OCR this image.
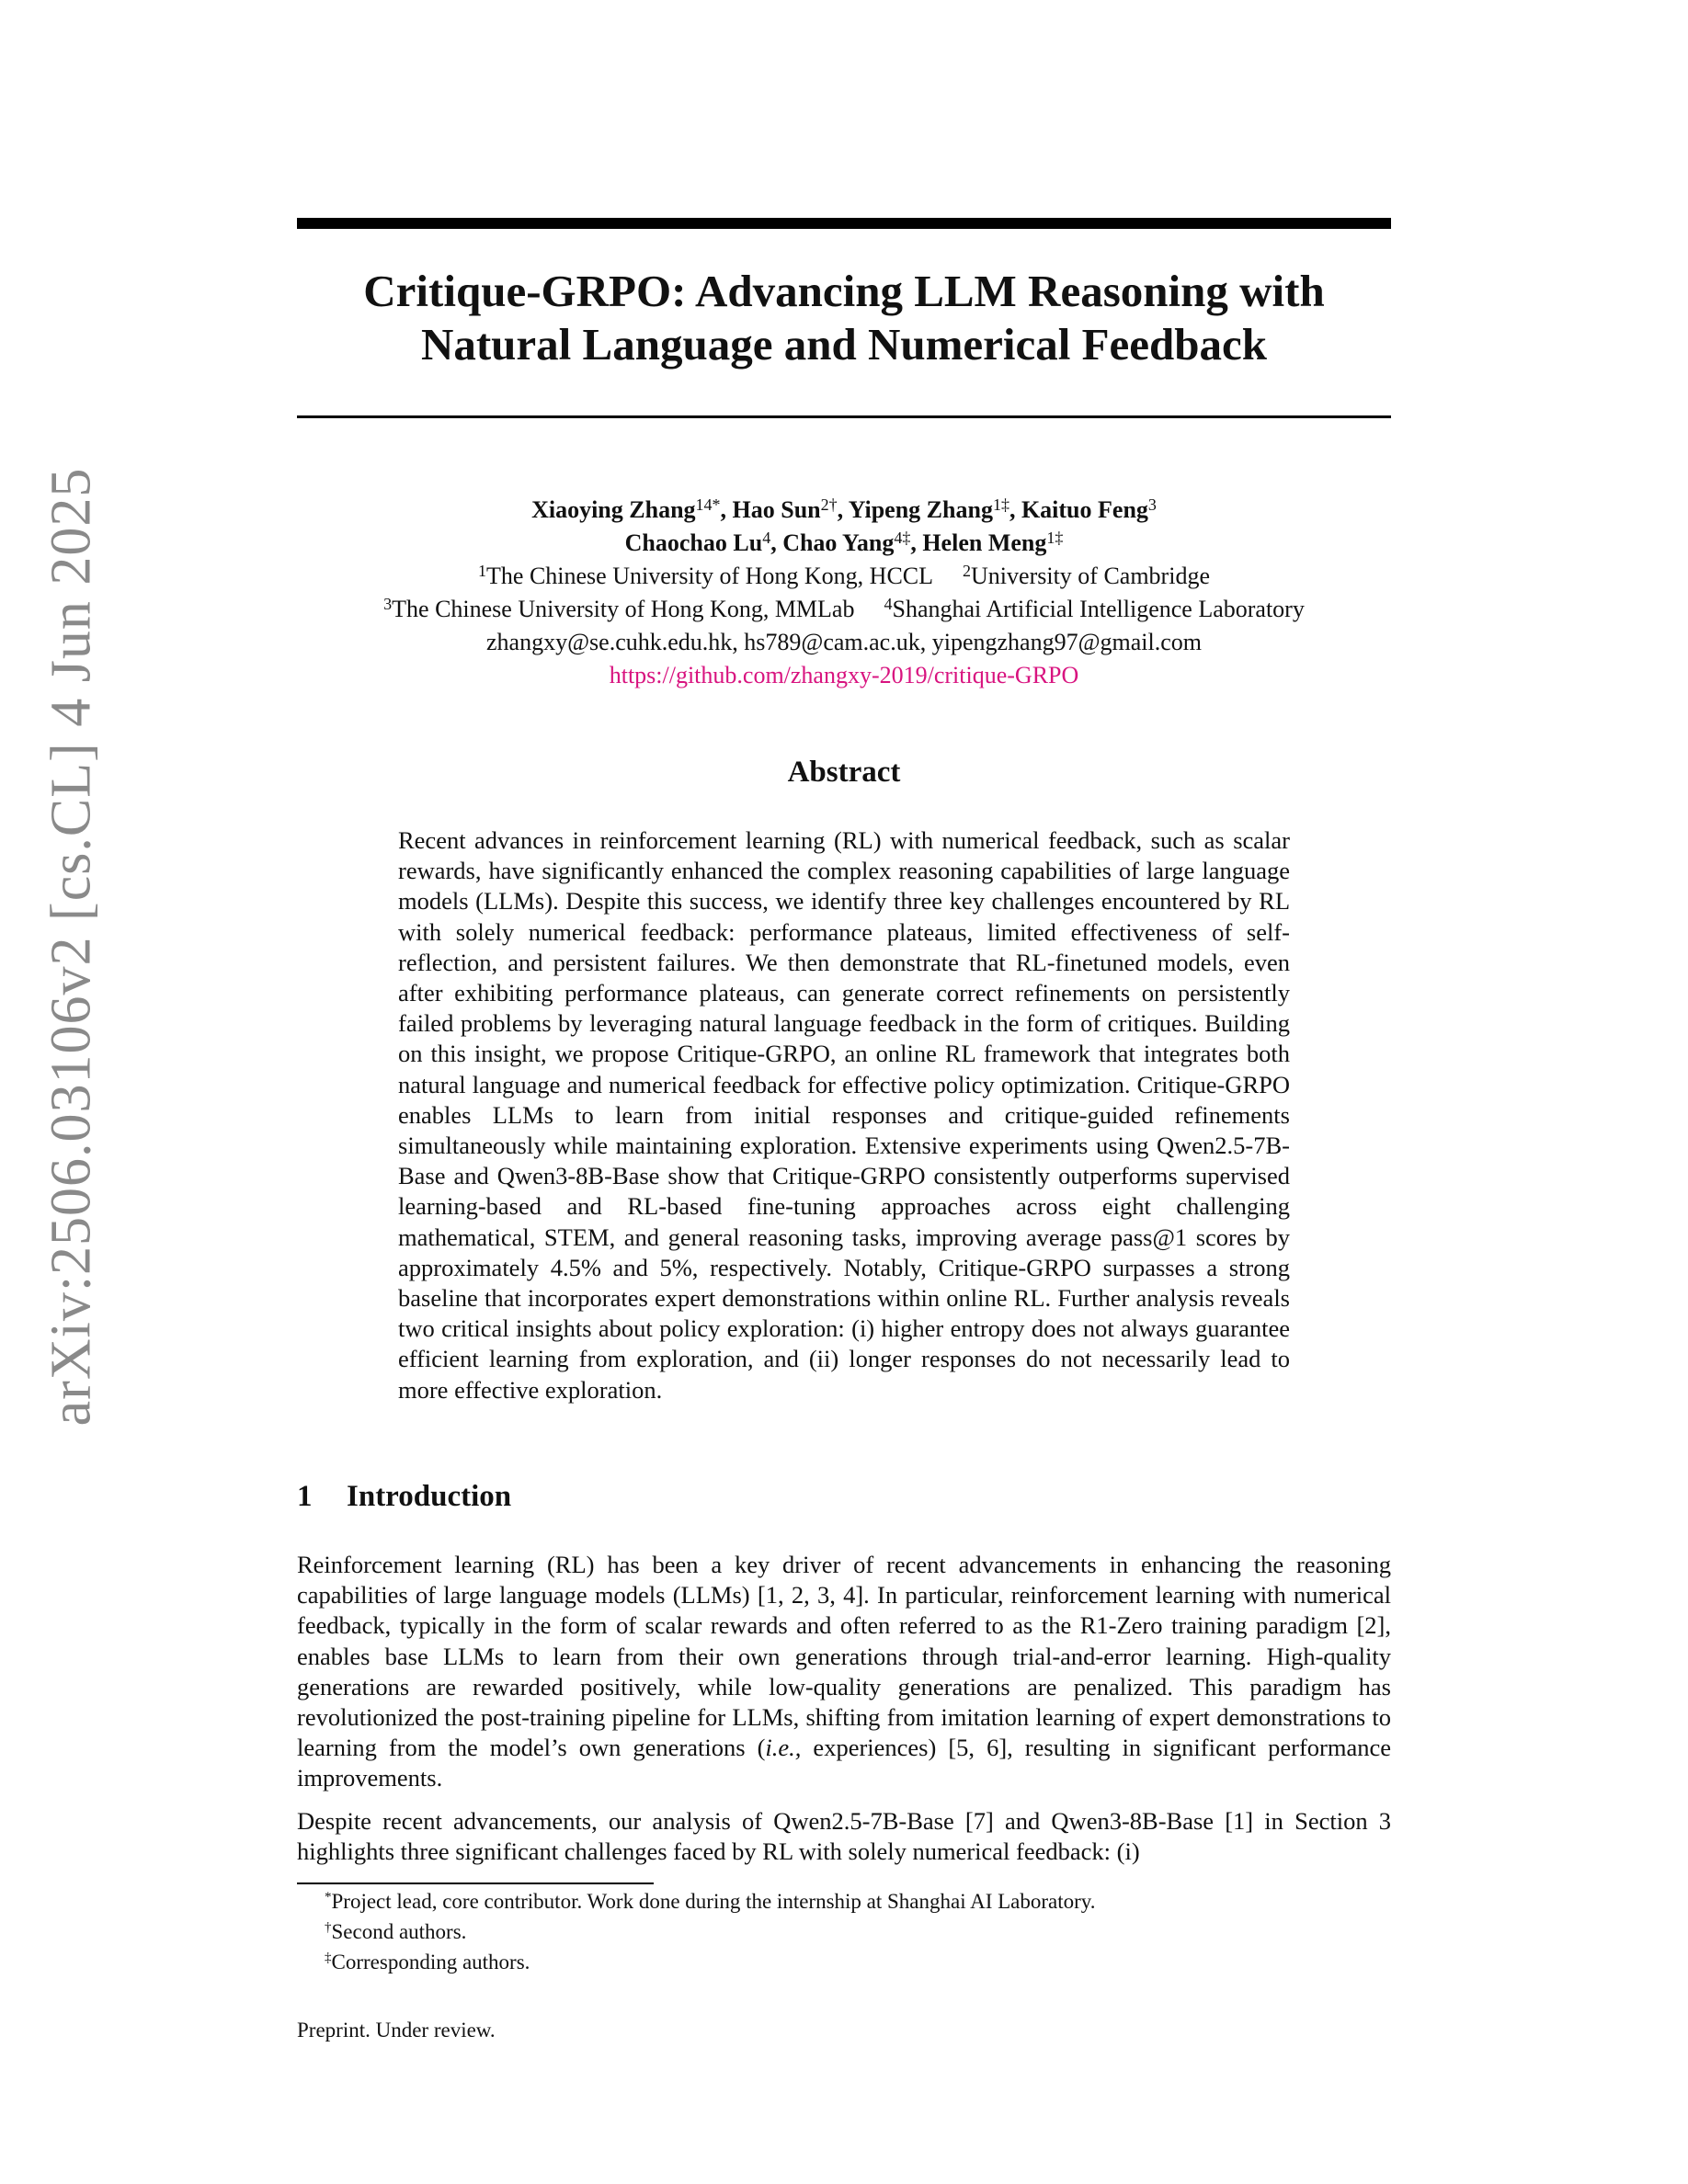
arXiv:2506.03106v2 [cs.CL] 4 Jun 2025
Critique-GRPO: Advancing LLM Reasoning with
Natural Language and Numerical Feedback
Xiaoying Zhang$^{14*}$, Hao Sun$^{2\dagger}$, Yipeng Zhang$^{1\ddagger}$, Kaituo Feng$^3$
Chaochao Lu$^4$, Chao Yang$^{4\ddagger}$, Helen Meng$^{1\ddagger}$
$^1$The Chinese University of Hong Kong, HCCL $^2$University of Cambridge
$^3$The Chinese University of Hong Kong, MMLab $^4$Shanghai Artificial Intelligence Laboratory
zhangxy@se.cuhk.edu.hk, hs789@cam.ac.uk, yipengzhang97@gmail.com
https://github.com/zhangxy-2019/critique-GRPO
Abstract
Recent advances in reinforcement learning (RL) with numerical feedback, such as scalar rewards, have significantly enhanced the complex reasoning capabilities of large language models (LLMs). Despite this success, we identify three key challenges encountered by RL with solely numerical feedback: performance plateaus, limited effectiveness of self-reflection, and persistent failures. We then demonstrate that RL-finetuned models, even after exhibiting performance plateaus, can generate correct refinements on persistently failed problems by leveraging natural language feedback in the form of critiques. Building on this insight, we propose Critique-GRPO, an online RL framework that integrates both natural language and numerical feedback for effective policy optimization. Critique-GRPO enables LLMs to learn from initial responses and critique-guided refinements simultaneously while maintaining exploration. Extensive experiments using Qwen2.5-7B-Base and Qwen3-8B-Base show that Critique-GRPO consistently outperforms supervised learning-based and RL-based fine-tuning approaches across eight challenging mathematical, STEM, and general reasoning tasks, improving average pass@1 scores by approximately 4.5% and 5%, respectively. Notably, Critique-GRPO surpasses a strong baseline that incorporates expert demonstrations within online RL. Further analysis reveals two critical insights about policy exploration: (i) higher entropy does not always guarantee efficient learning from exploration, and (ii) longer responses do not necessarily lead to more effective exploration.
1 Introduction
Reinforcement learning (RL) has been a key driver of recent advancements in enhancing the reasoning capabilities of large language models (LLMs) [1, 2, 3, 4]. In particular, reinforcement learning with numerical feedback, typically in the form of scalar rewards and often referred to as the R1-Zero training paradigm [2], enables base LLMs to learn from their own generations through trial-and-error learning. High-quality generations are rewarded positively, while low-quality generations are penalized. This paradigm has revolutionized the post-training pipeline for LLMs, shifting from imitation learning of expert demonstrations to learning from the model’s own generations (i.e., experiences) [5, 6], resulting in significant performance improvements.
Despite recent advancements, our analysis of Qwen2.5-7B-Base [7] and Qwen3-8B-Base [1] in Section 3 highlights three significant challenges faced by RL with solely numerical feedback: (i)
*Project lead, core contributor. Work done during the internship at Shanghai AI Laboratory.
†Second authors.
‡Corresponding authors.
Preprint. Under review.
